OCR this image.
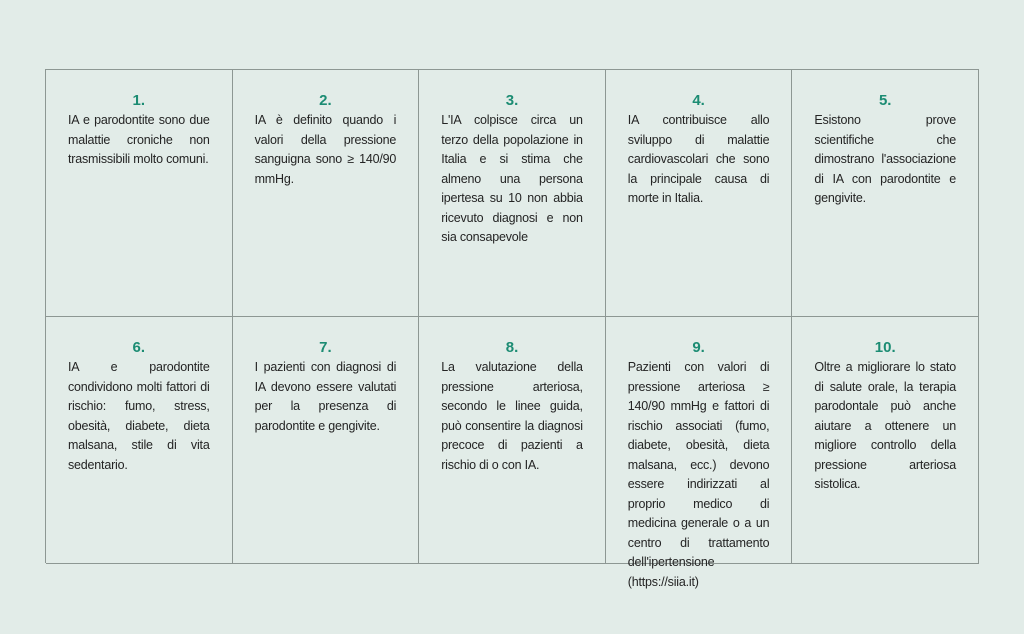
1.
IA e parodontite sono due malattie croniche non trasmissibili molto comuni.
2.
IA è definito quando i valori della pressione sanguigna sono ≥ 140/90 mmHg.
3.
L'IA colpisce circa un terzo della popolazione in Italia e si stima che almeno una persona ipertesa su 10 non abbia ricevuto diagnosi e non sia consapevole
4.
IA contribuisce allo sviluppo di malattie cardiovascolari che sono la principale causa di morte in Italia.
5.
Esistono prove scientifiche che dimostrano l'associazione di IA con parodontite e gengivite.
6.
IA e parodontite condividono molti fattori di rischio: fumo, stress, obesità, diabete, dieta malsana, stile di vita sedentario.
7.
I pazienti con diagnosi di IA devono essere valutati per la presenza di parodontite e gengivite.
8.
La valutazione della pressione arteriosa, secondo le linee guida, può consentire la diagnosi precoce di pazienti a rischio di o con IA.
9.
Pazienti con valori di pressione arteriosa ≥ 140/90 mmHg e fattori di rischio associati (fumo, diabete, obesità, dieta malsana, ecc.) devono essere indirizzati al proprio medico di medicina generale o a un centro di trattamento dell'ipertensione (https://siia.it)
10.
Oltre a migliorare lo stato di salute orale, la terapia parodontale può anche aiutare a ottenere un migliore controllo della pressione arteriosa sistolica.
